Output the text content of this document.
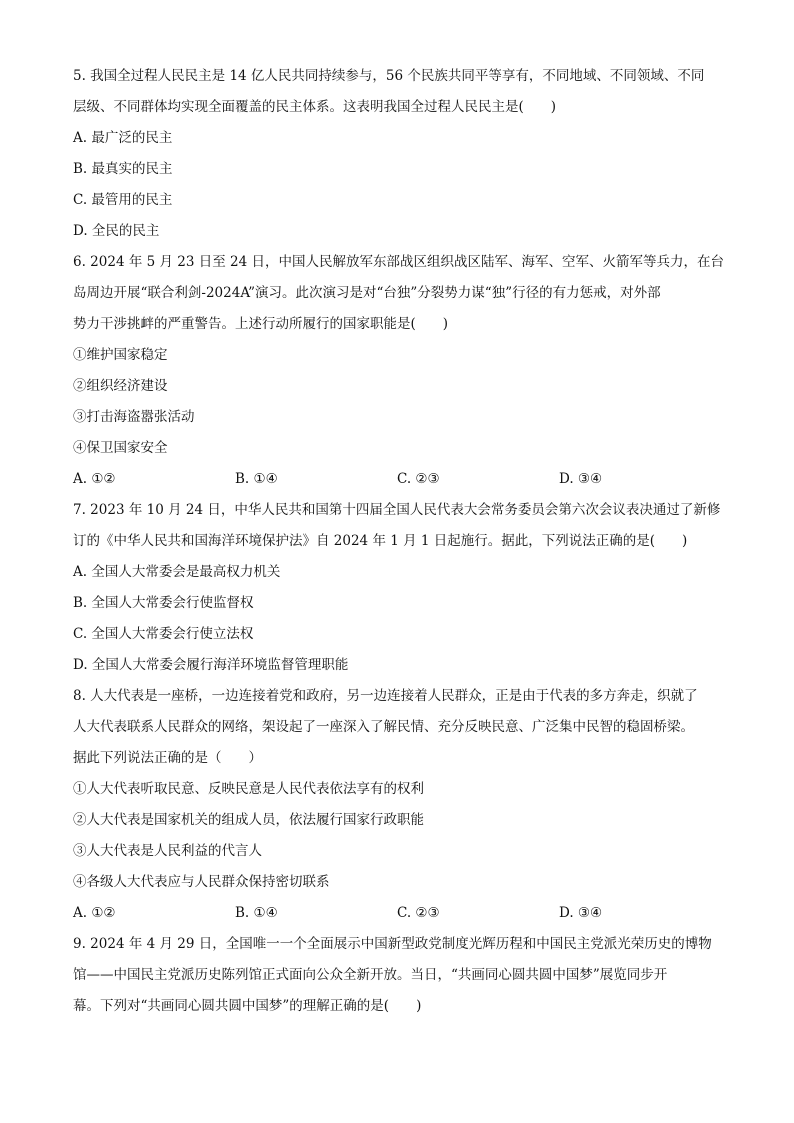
5. 我国全过程人民民主是 14 亿人民共同持续参与，56 个民族共同平等享有，不同地域、不同领域、不同

层级、不同群体均实现全面覆盖的民主体系。这表明我国全过程人民民主是(　　)

A. 最广泛的民主

B. 最真实的民主

C. 最管用的民主

D. 全民的民主

6. 2024 年 5 月 23 日至 24 日，中国人民解放军东部战区组织战区陆军、海军、空军、火箭军等兵力，在台

岛周边开展“联合利剑-2024A”演习。此次演习是对“台独”分裂势力谋“独”行径的有力惩戒，对外部

势力干涉挑衅的严重警告。上述行动所履行的国家职能是(　　)

①维护国家稳定

②组织经济建设

③打击海盗嚣张活动

④保卫国家安全

A. ①②	B. ①④	C. ②③	D. ③④

7. 2023 年 10 月 24 日，中华人民共和国第十四届全国人民代表大会常务委员会第六次会议表决通过了新修

订的《中华人民共和国海洋环境保护法》自 2024 年 1 月 1 日起施行。据此，下列说法正确的是(　　)

A. 全国人大常委会是最高权力机关

B. 全国人大常委会行使监督权

C. 全国人大常委会行使立法权

D. 全国人大常委会履行海洋环境监督管理职能

8. 人大代表是一座桥，一边连接着党和政府，另一边连接着人民群众，正是由于代表的多方奔走，织就了

人大代表联系人民群众的网络，架设起了一座深入了解民情、充分反映民意、广泛集中民智的稳固桥梁。

据此下列说法正确的是（　　）

①人大代表听取民意、反映民意是人民代表依法享有的权利

②人大代表是国家机关的组成人员，依法履行国家行政职能

③人大代表是人民利益的代言人

④各级人大代表应与人民群众保持密切联系

A. ①②	B. ①④	C. ②③	D. ③④

9. 2024 年 4 月 29 日，全国唯一一个全面展示中国新型政党制度光辉历程和中国民主党派光荣历史的博物

馆——中国民主党派历史陈列馆正式面向公众全新开放。当日，“共画同心圆共圆中国梦”展览同步开

幕。下列对“共画同心圆共圆中国梦”的理解正确的是(　　)
